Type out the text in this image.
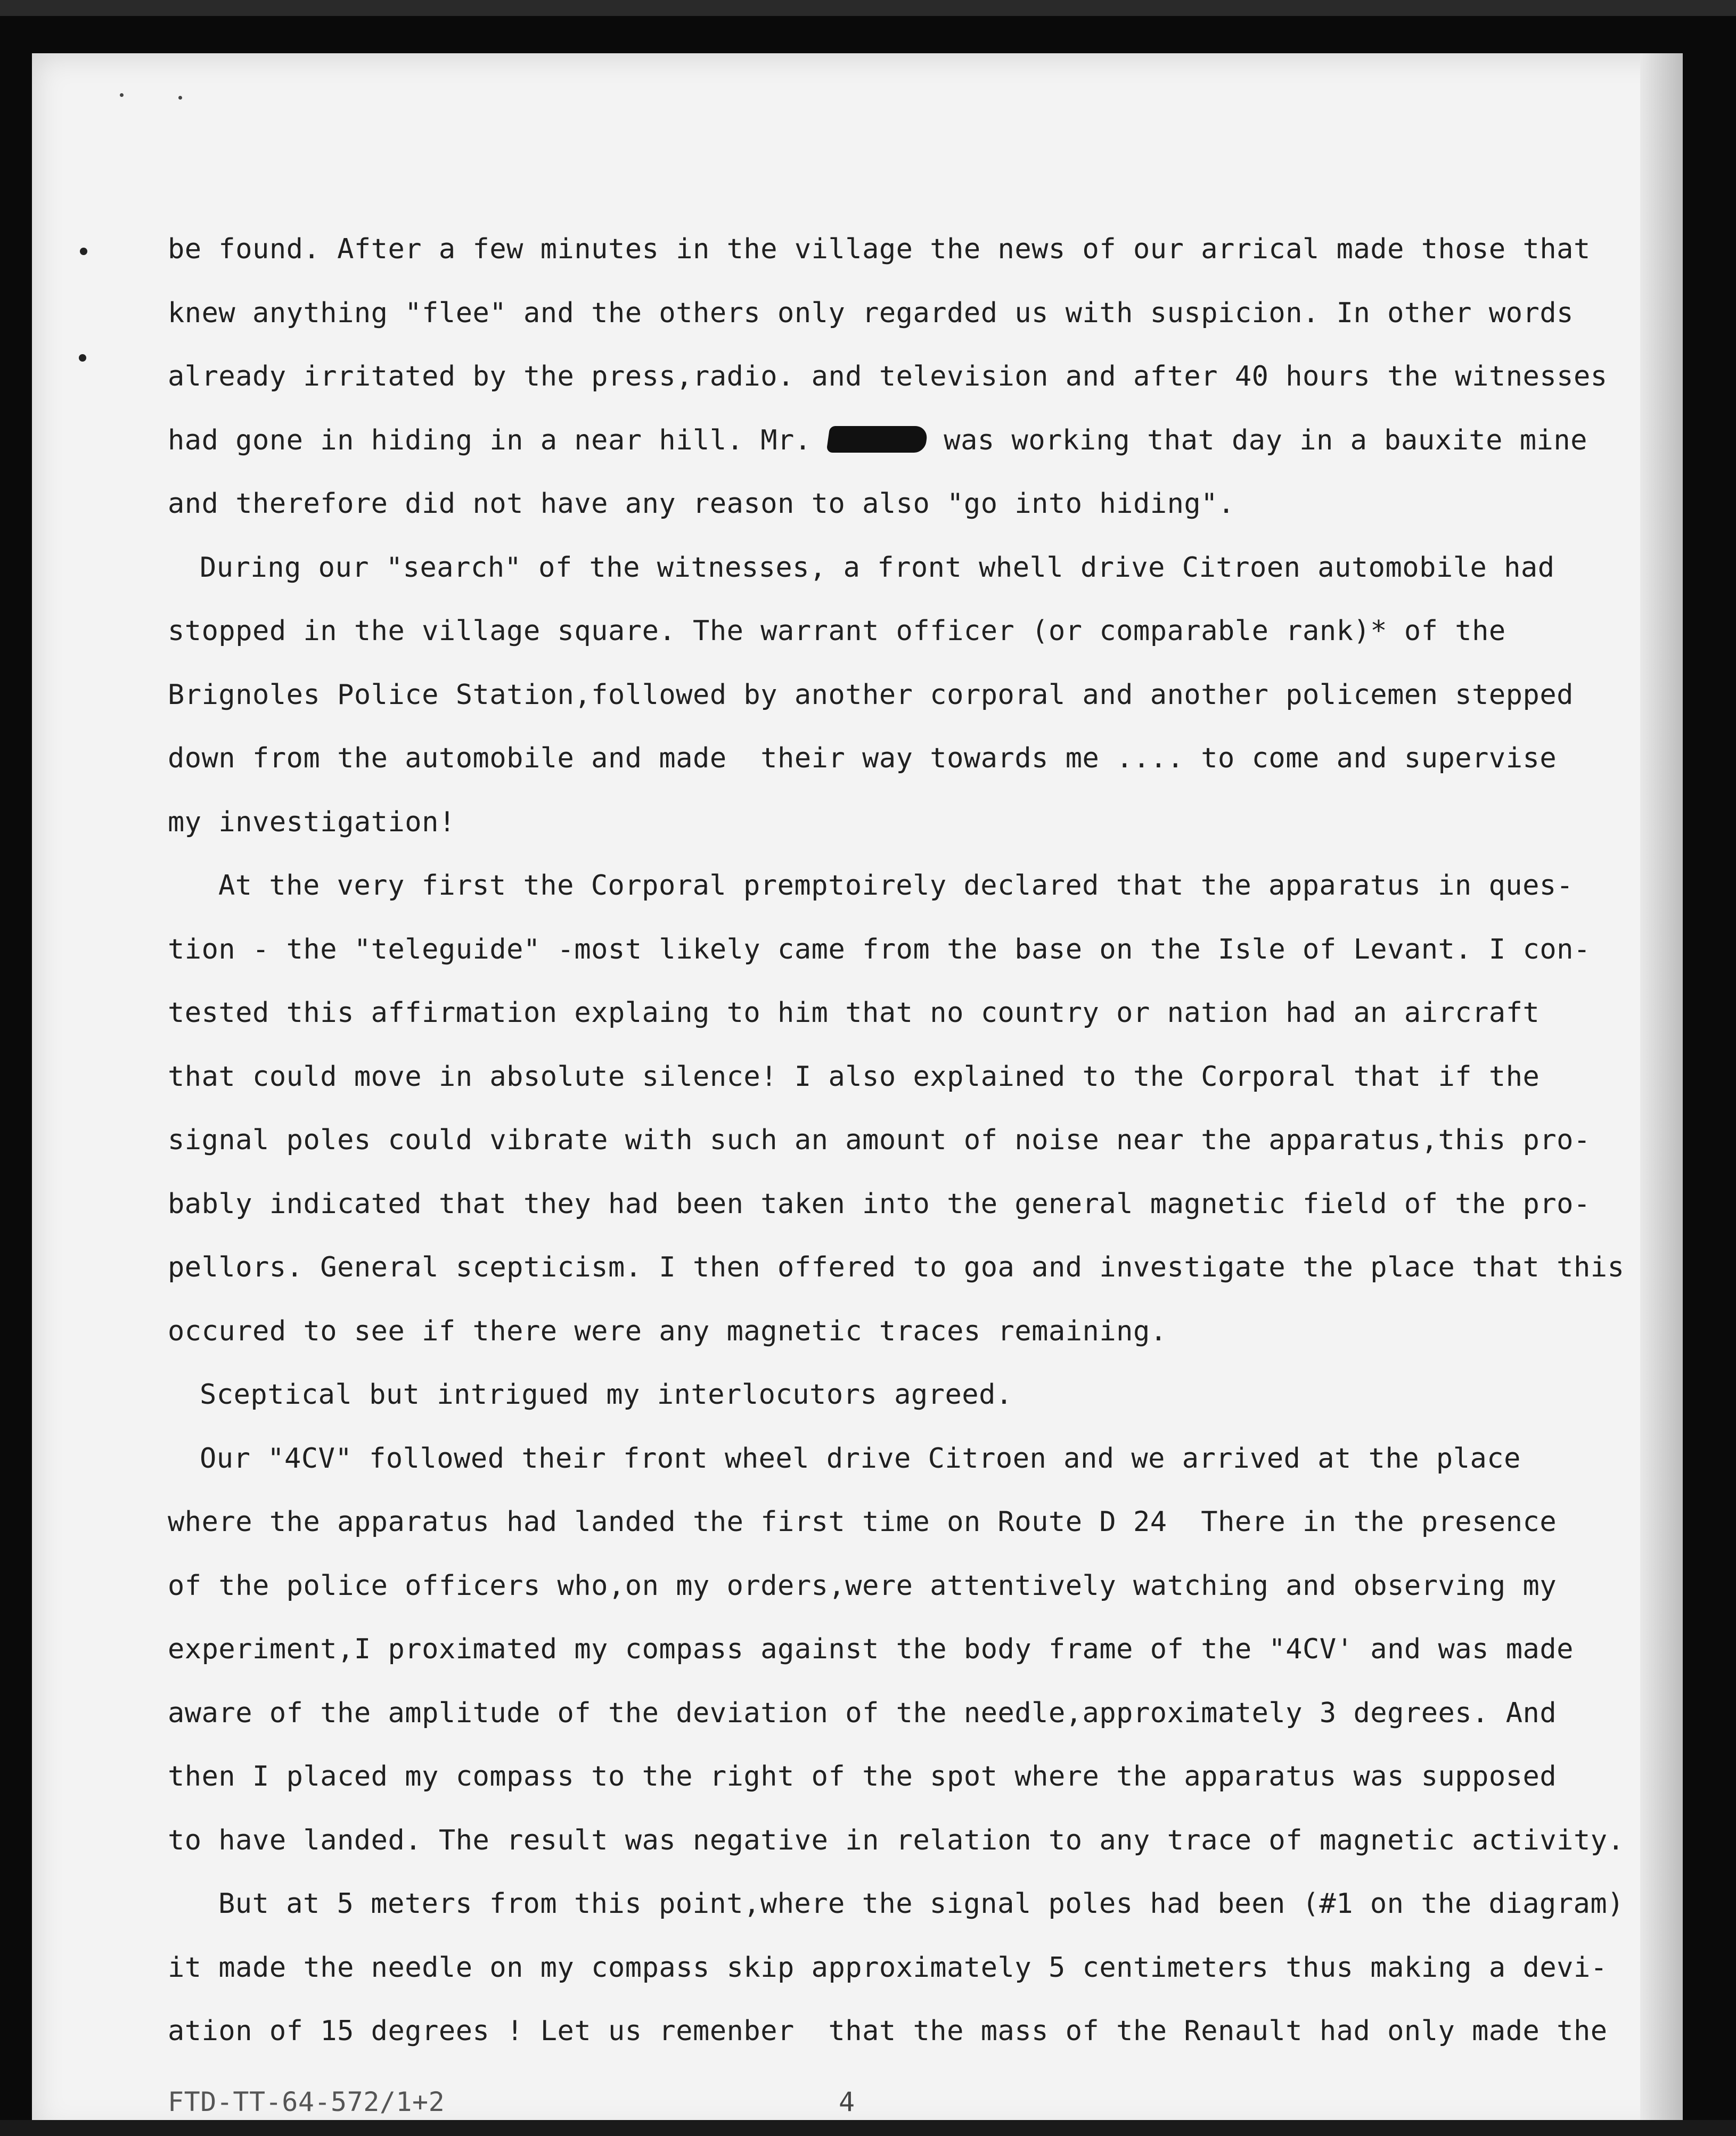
be found. After a few minutes in the village the news of our arrical made those that
knew anything "flee" and the others only regarded us with suspicion. In other words
already irritated by the press,radio. and television and after 40 hours the witnesses
had gone in hiding in a near hill. Mr.	was working that day in a bauxite mine
and therefore did not have any reason to also "go into hiding".
During our "search" of the witnesses, a front whell drive Citroen automobile had
stopped in the village square. The warrant officer (or comparable rank)* of the
Brignoles Police Station,followed by another corporal and another policemen stepped
down from the automobile and made  their way towards me .... to come and supervise
my investigation!
At the very first the Corporal premptoirely declared that the apparatus in ques-
tion - the "teleguide" -most likely came from the base on the Isle of Levant. I con-
tested this affirmation explaing to him that no country or nation had an aircraft
that could move in absolute silence! I also explained to the Corporal that if the
signal poles could vibrate with such an amount of noise near the apparatus,this pro-
bably indicated that they had been taken into the general magnetic field of the pro-
pellors. General scepticism. I then offered to goa and investigate the place that this
occured to see if there were any magnetic traces remaining.
Sceptical but intrigued my interlocutors agreed.
Our "4CV" followed their front wheel drive Citroen and we arrived at the place
where the apparatus had landed the first time on Route D 24  There in the presence
of the police officers who,on my orders,were attentively watching and observing my
experiment,I proximated my compass against the body frame of the "4CV' and was made
aware of the amplitude of the deviation of the needle,approximately 3 degrees. And
then I placed my compass to the right of the spot where the apparatus was supposed
to have landed. The result was negative in relation to any trace of magnetic activity.
But at 5 meters from this point,where the signal poles had been (#1 on the diagram)
it made the needle on my compass skip approximately 5 centimeters thus making a devi-
ation of 15 degrees ! Let us remenber  that the mass of the Renault had only made the
FTD-TT-64-572/1+2	4
